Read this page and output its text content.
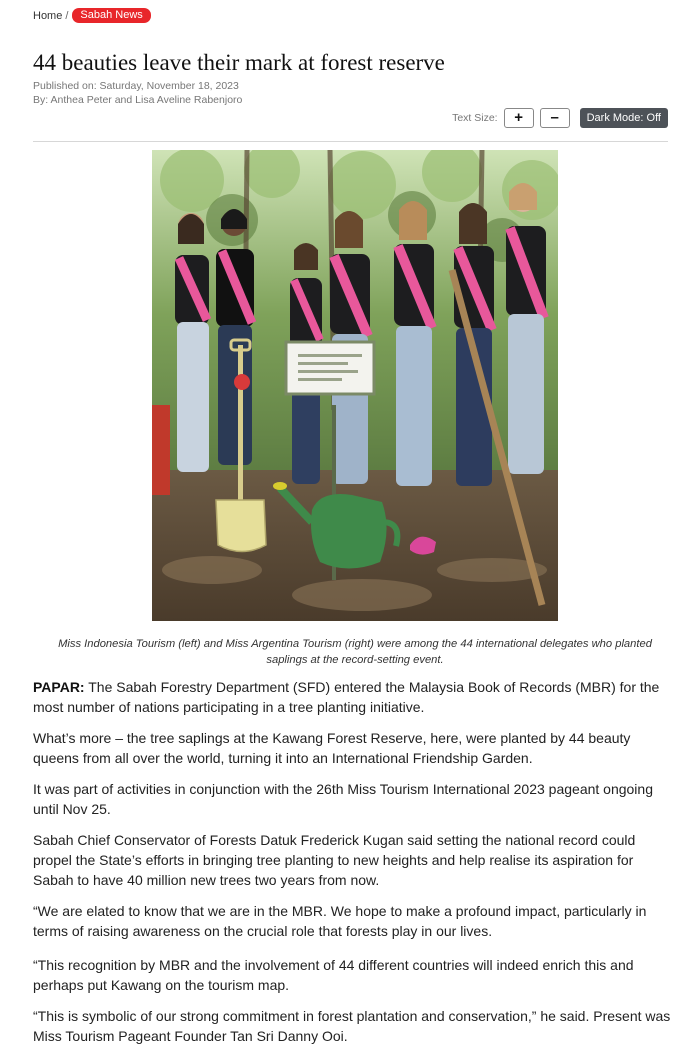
Home /	Sabah News
44 beauties leave their mark at forest reserve
Published on: Saturday, November 18, 2023
By: Anthea Peter and Lisa Aveline Rabenjoro
Text Size:	+	–	Dark Mode: Off
Miss Indonesia Tourism (left) and Miss Argentina Tourism (right) were among the 44 international delegates who planted saplings at the record-setting event.

PAPAR: The Sabah Forestry Department (SFD) entered the Malaysia Book of Records (MBR) for the most number of nations participating in a tree planting initiative.

What’s more – the tree saplings at the Kawang Forest Reserve, here, were planted by 44 beauty queens from all over the world, turning it into an International Friendship Garden.

It was part of activities in conjunction with the 26th Miss Tourism International 2023 pageant ongoing until Nov 25.

Sabah Chief Conservator of Forests Datuk Frederick Kugan said setting the national record could propel the State’s efforts in bringing tree planting to new heights and help realise its aspiration for Sabah to have 40 million new trees two years from now.

“We are elated to know that we are in the MBR. We hope to make a profound impact, particularly in terms of raising awareness on the crucial role that forests play in our lives.

“This recognition by MBR and the involvement of 44 different countries will indeed enrich this and perhaps put Kawang on the tourism map.

“This is symbolic of our strong commitment in forest plantation and conservation,” he said. Present was Miss Tourism Pageant Founder Tan Sri Danny Ooi.
